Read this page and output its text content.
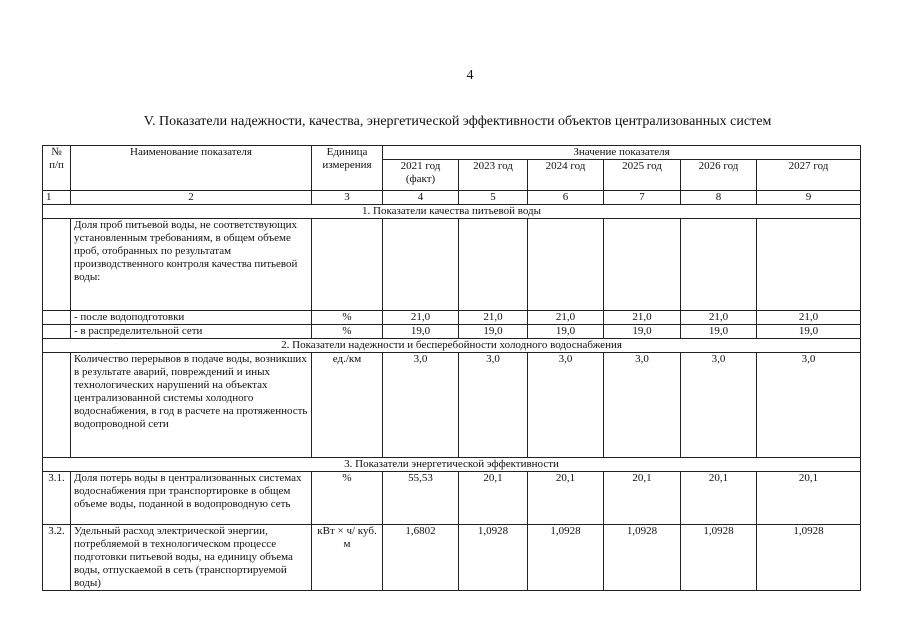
4
V. Показатели надежности, качества, энергетической эффективности объектов централизованных систем
№ п/п	Наименование показателя	Единица измерения	Значение показателя					
			2021 год (факт)	2023 год	2024 год	2025 год	2026 год	2027 год
1	2	3	4	5	6	7	8	9
1. Показатели качества питьевой воды								
	Доля проб питьевой воды, не соответствующих установленным требованиям, в общем объеме проб, отобранных по результатам производственного контроля качества питьевой воды:							
	- после водоподготовки	%	21,0	21,0	21,0	21,0	21,0	21,0
	- в распределительной сети	%	19,0	19,0	19,0	19,0	19,0	19,0
2. Показатели надежности и бесперебойности холодного водоснабжения								
	Количество перерывов в подаче воды, возникших в результате аварий, повреждений и иных технологических нарушений на объектах централизованной системы холодного водоснабжения, в год в расчете на протяженность водопроводной сети	ед./км	3,0	3,0	3,0	3,0	3,0	3,0
3. Показатели энергетической эффективности								
3.1.	Доля потерь воды в централизованных системах водоснабжения при транспортировке в общем объеме воды, поданной в водопроводную сеть	%	55,53	20,1	20,1	20,1	20,1	20,1
3.2.	Удельный расход электрической энергии, потребляемой в технологическом процессе подготовки питьевой воды, на единицу объема воды, отпускаемой в сеть (транспортируемой воды)	кВт × ч/ куб. м	1,6802	1,0928	1,0928	1,0928	1,0928	1,0928
